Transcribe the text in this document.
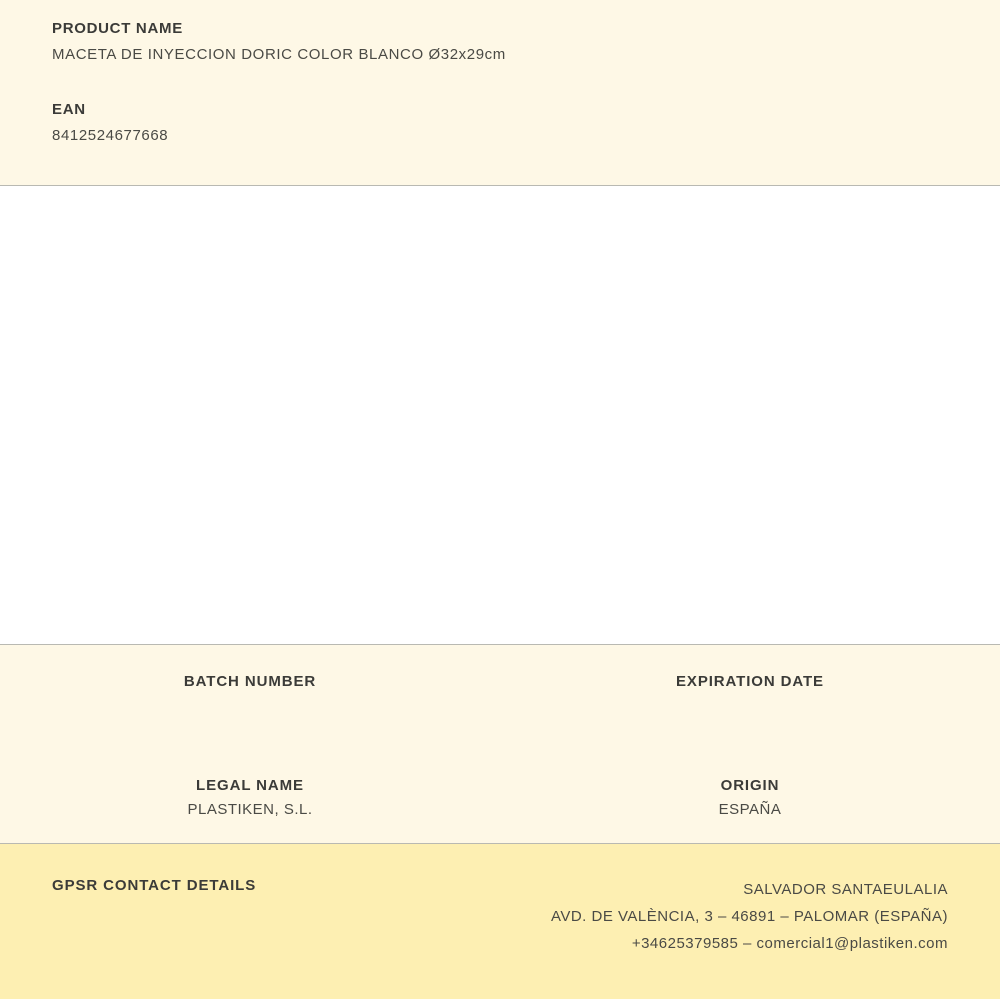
PRODUCT NAME

MACETA DE INYECCION DORIC COLOR BLANCO Ø32x29cm

EAN

8412524677668

BATCH NUMBER	EXPIRATION DATE

LEGAL NAME

PLASTIKEN, S.L.

ORIGIN

ESPAÑA

GPSR CONTACT DETAILS	SALVADOR SANTAEULALIA
AVD. DE VALÈNCIA, 3 – 46891 – PALOMAR (ESPAÑA)
+34625379585 – comercial1@plastiken.com
